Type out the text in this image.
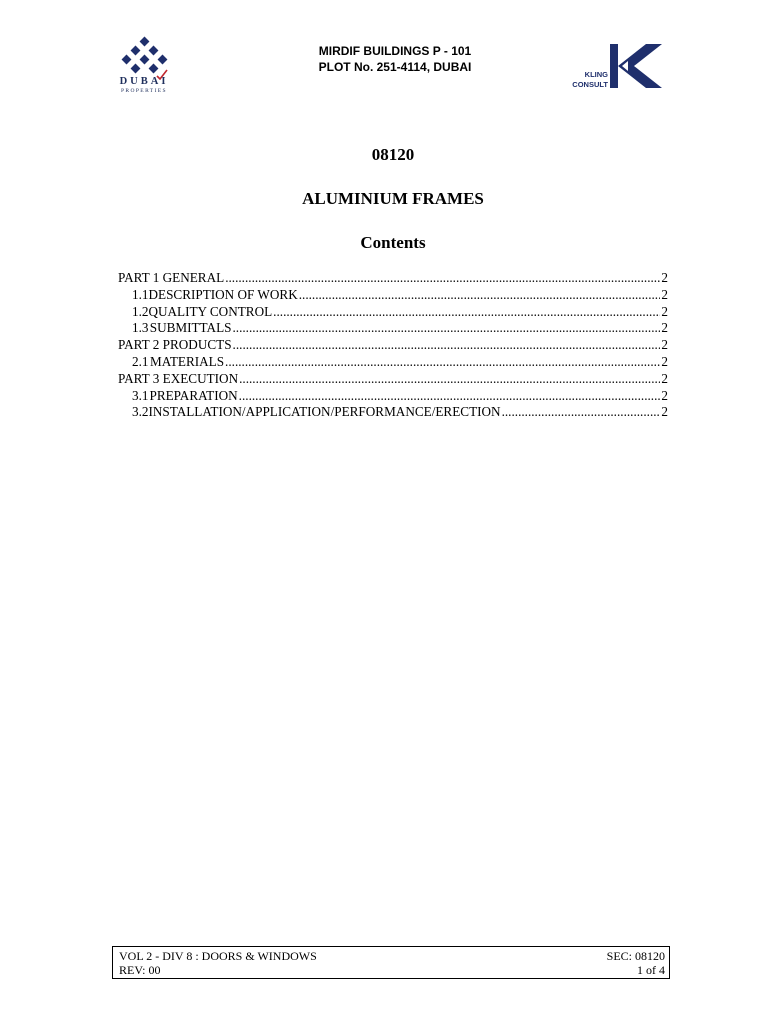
DUBAI
PROPERTIES
MIRDIF BUILDINGS P - 101
PLOT No. 251-4114, DUBAI
KLING
CONSULT
08120
ALUMINIUM FRAMES
Contents
PART 1 GENERAL .....	2
1.1 DESCRIPTION OF WORK .....	2
1.2 QUALITY CONTROL .....	2
1.3 SUBMITTALS .....	2
PART 2 PRODUCTS .....	2
2.1 MATERIALS .....	2
PART 3 EXECUTION .....	2
3.1 PREPARATION .....	2
3.2 INSTALLATION/APPLICATION/PERFORMANCE/ERECTION .....	2
VOL 2 - DIV 8 : DOORS & WINDOWS
REV: 00
SEC: 08120
1 of 4
